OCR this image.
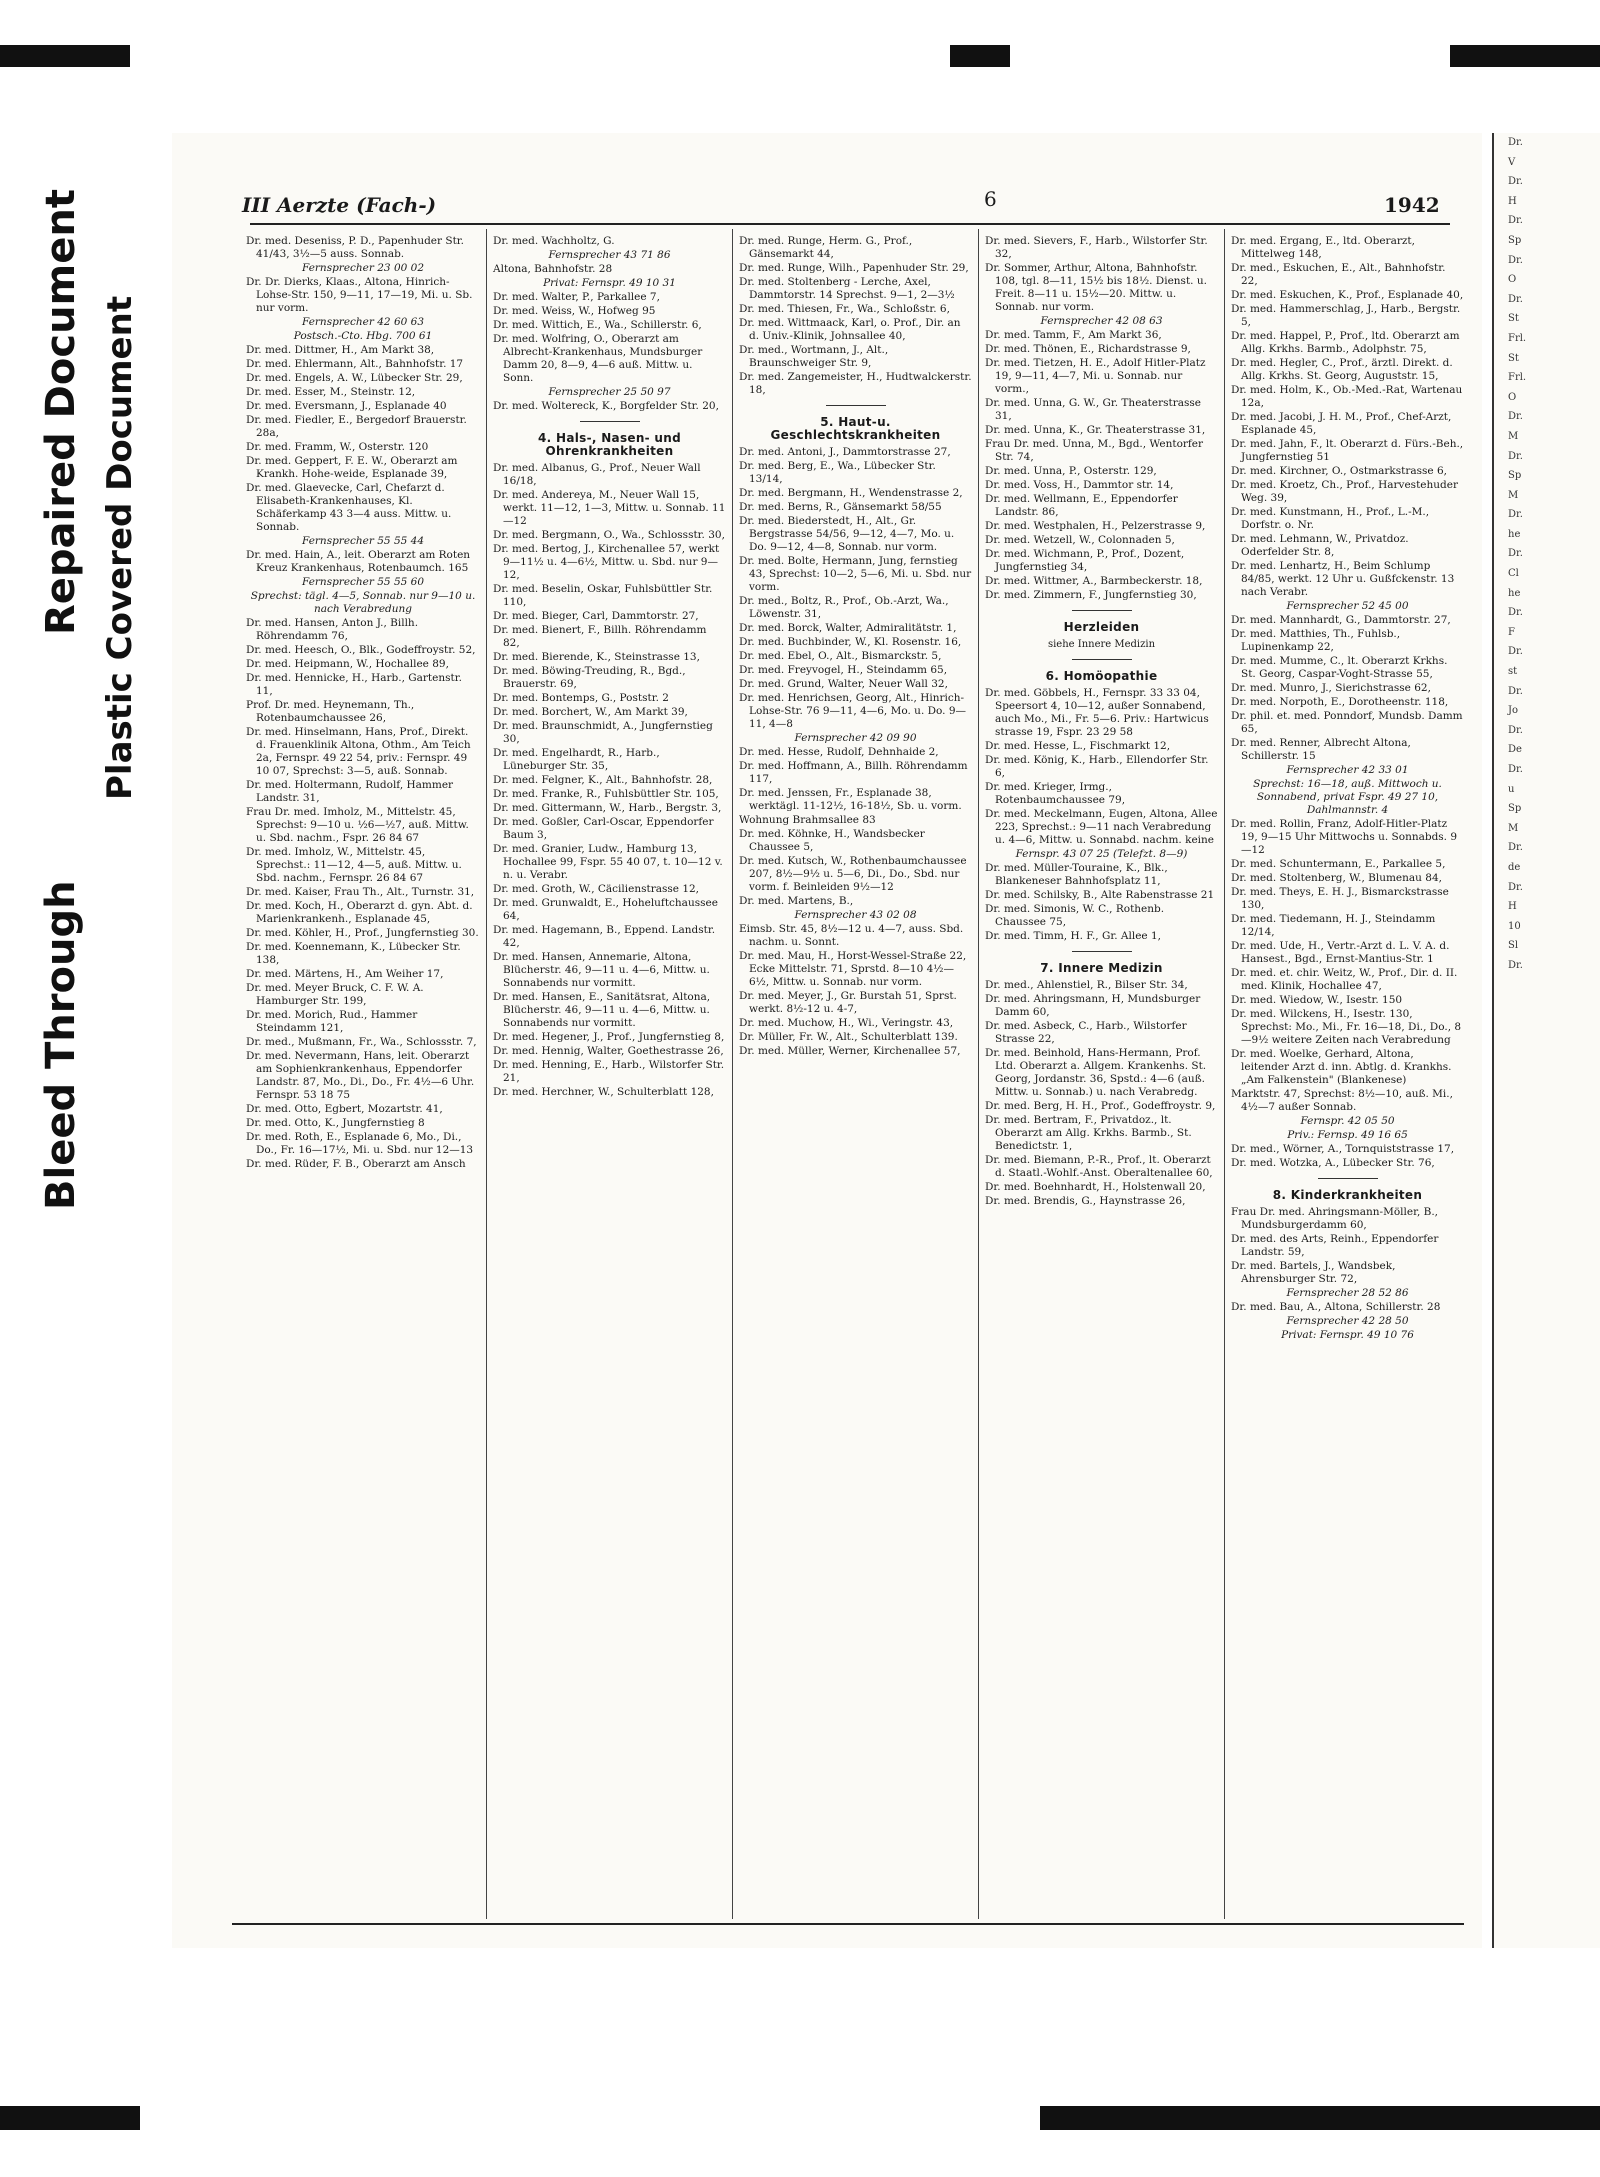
Bleed Through
Repaired Document Plastic Covered Document
III Aerzte (Fach-)	6	1942
Dr. med. Deseniss, P. D., Papenhuder Str. 41/43, 3½—5 auss. Sonnab.
Fernsprecher 23 00 02
Dr. Dr. Dierks, Klaas., Altona, Hinrich-Lohse-Str. 150, 9—11, 17—19, Mi. u. Sb. nur vorm.
Fernsprecher 42 60 63
Postsch.-Cto. Hbg. 700 61
Dr. med. Dittmer, H., Am Markt 38,
Dr. med. Ehlermann, Alt., Bahnhofstr. 17
Dr. med. Engels, A. W., Lübecker Str. 29,
Dr. med. Esser, M., Steinstr. 12,
Dr. med. Eversmann, J., Esplanade 40
Dr. med. Fiedler, E., Bergedorf Brauerstr. 28a,
Dr. med. Framm, W., Osterstr. 120
Dr. med. Geppert, F. E. W., Oberarzt am Krankh. Hohe-weide, Esplanade 39,
Dr. med. Glaevecke, Carl, Chefarzt d. Elisabeth-Krankenhauses, Kl. Schäferkamp 43 3—4 auss. Mittw. u. Sonnab.
Fernsprecher 55 55 44
Dr. med. Hain, A., leit. Oberarzt am Roten Kreuz Krankenhaus, Rotenbaumch. 165
Fernsprecher 55 55 60
Sprechst: tägl. 4—5, Sonnab. nur 9—10 u. nach Verabredung
Dr. med. Hansen, Anton J., Billh. Röhrendamm 76,
Dr. med. Heesch, O., Blk., Godeffroystr. 52,
Dr. med. Heipmann, W., Hochallee 89,
Dr. med. Hennicke, H., Harb., Gartenstr. 11,
Prof. Dr. med. Heynemann, Th., Rotenbaumchaussee 26,
Dr. med. Hinselmann, Hans, Prof., Direkt. d. Frauenklinik Altona, Othm., Am Teich 2a, Fernspr. 49 22 54, priv.: Fernspr. 49 10 07, Sprechst: 3—5, auß. Sonnab.
Dr. med. Holtermann, Rudolf, Hammer Landstr. 31,
Frau Dr. med. Imholz, M., Mittelstr. 45, Sprechst: 9—10 u. ½6—½7, auß. Mittw. u. Sbd. nachm., Fspr. 26 84 67
Dr. med. Imholz, W., Mittelstr. 45, Sprechst.: 11—12, 4—5, auß. Mittw. u. Sbd. nachm., Fernspr. 26 84 67
Dr. med. Kaiser, Frau Th., Alt., Turnstr. 31,
Dr. med. Koch, H., Oberarzt d. gyn. Abt. d. Marienkrankenh., Esplanade 45,
Dr. med. Köhler, H., Prof., Jungfernstieg 30.
Dr. med. Koennemann, K., Lübecker Str. 138,
Dr. med. Märtens, H., Am Weiher 17,
Dr. med. Meyer Bruck, C. F. W. A. Hamburger Str. 199,
Dr. med. Morich, Rud., Hammer Steindamm 121,
Dr. med., Mußmann, Fr., Wa., Schlossstr. 7,
Dr. med. Nevermann, Hans, leit. Oberarzt am Sophienkrankenhaus, Eppendorfer Landstr. 87, Mo., Di., Do., Fr. 4½—6 Uhr. Fernspr. 53 18 75
Dr. med. Otto, Egbert, Mozartstr. 41,
Dr. med. Otto, K., Jungfernstieg 8
Dr. med. Roth, E., Esplanade 6, Mo., Di., Do., Fr. 16—17½, Mi. u. Sbd. nur 12—13
Dr. med. Rüder, F. B., Oberarzt am Ansch
Dr. med. Wachholtz, G.
Fernsprecher 43 71 86
Altona, Bahnhofstr. 28
Privat: Fernspr. 49 10 31
Dr. med. Walter, P., Parkallee 7,
Dr. med. Weiss, W., Hofweg 95
Dr. med. Wittich, E., Wa., Schillerstr. 6,
Dr. med. Wolfring, O., Oberarzt am Albrecht-Krankenhaus, Mundsburger Damm 20, 8—9, 4—6 auß. Mittw. u. Sonn.
Fernsprecher 25 50 97
Dr. med. Woltereck, K., Borgfelder Str. 20,
4. Hals-, Nasen- und Ohrenkrankheiten
Dr. med. Albanus, G., Prof., Neuer Wall 16/18,
Dr. med. Andereya, M., Neuer Wall 15, werkt. 11—12, 1—3, Mittw. u. Sonnab. 11—12
Dr. med. Bergmann, O., Wa., Schlossstr. 30,
Dr. med. Bertog, J., Kirchenallee 57, werkt 9—11½ u. 4—6½, Mittw. u. Sbd. nur 9—12,
Dr. med. Beselin, Oskar, Fuhlsbüttler Str. 110,
Dr. med. Bieger, Carl, Dammtorstr. 27,
Dr. med. Bienert, F., Billh. Röhrendamm 82,
Dr. med. Bierende, K., Steinstrasse 13,
Dr. med. Böwing-Treuding, R., Bgd., Brauerstr. 69,
Dr. med. Bontemps, G., Poststr. 2
Dr. med. Borchert, W., Am Markt 39,
Dr. med. Braunschmidt, A., Jungfernstieg 30,
Dr. med. Engelhardt, R., Harb., Lüneburger Str. 35,
Dr. med. Felgner, K., Alt., Bahnhofstr. 28,
Dr. med. Franke, R., Fuhlsbüttler Str. 105,
Dr. med. Gittermann, W., Harb., Bergstr. 3,
Dr. med. Goßler, Carl-Oscar, Eppendorfer Baum 3,
Dr. med. Granier, Ludw., Hamburg 13, Hochallee 99, Fspr. 55 40 07, t. 10—12 v. n. u. Verabr.
Dr. med. Groth, W., Cäcilienstrasse 12,
Dr. med. Grunwaldt, E., Hoheluftchaussee 64,
Dr. med. Hagemann, B., Eppend. Landstr. 42,
Dr. med. Hansen, Annemarie, Altona, Blücherstr. 46, 9—11 u. 4—6, Mittw. u. Sonnabends nur vormitt.
Dr. med. Hansen, E., Sanitätsrat, Altona, Blücherstr. 46, 9—11 u. 4—6, Mittw. u. Sonnabends nur vormitt.
Dr. med. Hegener, J., Prof., Jungfernstieg 8,
Dr. med. Hennig, Walter, Goethestrasse 26,
Dr. med. Henning, E., Harb., Wilstorfer Str. 21,
Dr. med. Herchner, W., Schulterblatt 128,
Dr. med. Runge, Herm. G., Prof., Gänsemarkt 44,
Dr. med. Runge, Wilh., Papenhuder Str. 29,
Dr. med. Stoltenberg - Lerche, Axel, Dammtorstr. 14 Sprechst. 9—1, 2—3½
Dr. med. Thiesen, Fr., Wa., Schloßstr. 6,
Dr. med. Wittmaack, Karl, o. Prof., Dir. an d. Univ.-Klinik, Johnsallee 40,
Dr. med., Wortmann, J., Alt., Braunschweiger Str. 9,
Dr. med. Zangemeister, H., Hudtwalckerstr. 18,
5. Haut-u. Geschlechtskrankheiten
Dr. med. Antoni, J., Dammtorstrasse 27,
Dr. med. Berg, E., Wa., Lübecker Str. 13/14,
Dr. med. Bergmann, H., Wendenstrasse 2,
Dr. med. Berns, R., Gänsemarkt 58/55
Dr. med. Biederstedt, H., Alt., Gr. Bergstrasse 54/56, 9—12, 4—7, Mo. u. Do. 9—12, 4—8, Sonnab. nur vorm.
Dr. med. Bolte, Hermann, Jung, fernstieg 43, Sprechst: 10—2, 5—6, Mi. u. Sbd. nur vorm.
Dr. med., Boltz, R., Prof., Ob.-Arzt, Wa., Löwenstr. 31,
Dr. med. Borck, Walter, Admiralitätstr. 1,
Dr. med. Buchbinder, W., Kl. Rosenstr. 16,
Dr. med. Ebel, O., Alt., Bismarckstr. 5,
Dr. med. Freyvogel, H., Steindamm 65,
Dr. med. Grund, Walter, Neuer Wall 32,
Dr. med. Henrichsen, Georg, Alt., Hinrich-Lohse-Str. 76 9—11, 4—6, Mo. u. Do. 9—11, 4—8
Fernsprecher 42 09 90
Dr. med. Hesse, Rudolf, Dehnhaide 2,
Dr. med. Hoffmann, A., Billh. Röhrendamm 117,
Dr. med. Jenssen, Fr., Esplanade 38, werktägl. 11-12½, 16-18½, Sb. u. vorm.
Wohnung Brahmsallee 83
Dr. med. Köhnke, H., Wandsbecker Chaussee 5,
Dr. med. Kutsch, W., Rothenbaumchaussee 207, 8½—9½ u. 5—6, Di., Do., Sbd. nur vorm. f. Beinleiden 9½—12
Dr. med. Martens, B.,
Fernsprecher 43 02 08
Eimsb. Str. 45, 8½—12 u. 4—7, auss. Sbd. nachm. u. Sonnt.
Dr. med. Mau, H., Horst-Wessel-Straße 22, Ecke Mittelstr. 71, Sprstd. 8—10 4½—6½, Mittw. u. Sonnab. nur vorm.
Dr. med. Meyer, J., Gr. Burstah 51, Sprst. werkt. 8½-12 u. 4-7,
Dr. med. Muchow, H., Wi., Veringstr. 43,
Dr. Müller, Fr. W., Alt., Schulterblatt 139.
Dr. med. Müller, Werner, Kirchenallee 57,
Dr. med. Sievers, F., Harb., Wilstorfer Str. 32,
Dr. Sommer, Arthur, Altona, Bahnhofstr. 108, tgl. 8—11, 15½ bis 18½. Dienst. u. Freit. 8—11 u. 15½—20. Mittw. u. Sonnab. nur vorm.
Fernsprecher 42 08 63
Dr. med. Tamm, F., Am Markt 36,
Dr. med. Thönen, E., Richardstrasse 9,
Dr. med. Tietzen, H. E., Adolf Hitler-Platz 19, 9—11, 4—7, Mi. u. Sonnab. nur vorm.,
Dr. med. Unna, G. W., Gr. Theaterstrasse 31,
Dr. med. Unna, K., Gr. Theaterstrasse 31,
Frau Dr. med. Unna, M., Bgd., Wentorfer Str. 74,
Dr. med. Unna, P., Osterstr. 129,
Dr. med. Voss, H., Dammtor str. 14,
Dr. med. Wellmann, E., Eppendorfer Landstr. 86,
Dr. med. Westphalen, H., Pelzerstrasse 9,
Dr. med. Wetzell, W., Colonnaden 5,
Dr. med. Wichmann, P., Prof., Dozent, Jungfernstieg 34,
Dr. med. Wittmer, A., Barmbeckerstr. 18,
Dr. med. Zimmern, F., Jungfernstieg 30,
Herzleiden
siehe Innere Medizin
6. Homöopathie
Dr. med. Göbbels, H., Fernspr. 33 33 04, Speersort 4, 10—12, außer Sonnabend, auch Mo., Mi., Fr. 5—6. Priv.: Hartwicus strasse 19, Fspr. 23 29 58
Dr. med. Hesse, L., Fischmarkt 12,
Dr. med. König, K., Harb., Ellendorfer Str. 6,
Dr. med. Krieger, Irmg., Rotenbaumchaussee 79,
Dr. med. Meckelmann, Eugen, Altona, Allee 223, Sprechst.: 9—11 nach Verabredung u. 4—6, Mittw. u. Sonnabd. nachm. keine
Fernspr. 43 07 25 (Telefzt. 8—9)
Dr. med. Müller-Touraine, K., Blk., Blankeneser Bahnhofsplatz 11,
Dr. med. Schilsky, B., Alte Rabenstrasse 21
Dr. med. Simonis, W. C., Rothenb. Chaussee 75,
Dr. med. Timm, H. F., Gr. Allee 1,
7. Innere Medizin
Dr. med., Ahlenstiel, R., Bilser Str. 34,
Dr. med. Ahringsmann, H, Mundsburger Damm 60,
Dr. med. Asbeck, C., Harb., Wilstorfer Strasse 22,
Dr. med. Beinhold, Hans-Hermann, Prof. Ltd. Oberarzt a. Allgem. Krankenhs. St. Georg, Jordanstr. 36, Spstd.: 4—6 (auß. Mittw. u. Sonnab.) u. nach Verabredg.
Dr. med. Berg, H. H., Prof., Godeffroystr. 9,
Dr. med. Bertram, F., Privatdoz., lt. Oberarzt am Allg. Krkhs. Barmb., St. Benedictstr. 1,
Dr. med. Biemann, P.-R., Prof., lt. Oberarzt d. Staatl.-Wohlf.-Anst. Oberaltenallee 60,
Dr. med. Boehnhardt, H., Holstenwall 20,
Dr. med. Brendis, G., Haynstrasse 26,
Dr. med. Ergang, E., ltd. Oberarzt, Mittelweg 148,
Dr. med., Eskuchen, E., Alt., Bahnhofstr. 22,
Dr. med. Eskuchen, K., Prof., Esplanade 40,
Dr. med. Hammerschlag, J., Harb., Bergstr. 5,
Dr. med. Happel, P., Prof., ltd. Oberarzt am Allg. Krkhs. Barmb., Adolphstr. 75,
Dr. med. Hegler, C., Prof., ärztl. Direkt. d. Allg. Krkhs. St. Georg, Auguststr. 15,
Dr. med. Holm, K., Ob.-Med.-Rat, Wartenau 12a,
Dr. med. Jacobi, J. H. M., Prof., Chef-Arzt, Esplanade 45,
Dr. med. Jahn, F., lt. Oberarzt d. Fürs.-Beh., Jungfernstieg 51
Dr. med. Kirchner, O., Ostmarkstrasse 6,
Dr. med. Kroetz, Ch., Prof., Harvestehuder Weg. 39,
Dr. med. Kunstmann, H., Prof., L.-M., Dorfstr. o. Nr.
Dr. med. Lehmann, W., Privatdoz. Oderfelder Str. 8,
Dr. med. Lenhartz, H., Beim Schlump 84/85, werkt. 12 Uhr u. Gußfckenstr. 13 nach Verabr.
Fernsprecher 52 45 00
Dr. med. Mannhardt, G., Dammtorstr. 27,
Dr. med. Matthies, Th., Fuhlsb., Lupinenkamp 22,
Dr. med. Mumme, C., lt. Oberarzt Krkhs. St. Georg, Caspar-Voght-Strasse 55,
Dr. med. Munro, J., Sierichstrasse 62,
Dr. med. Norpoth, E., Dorotheenstr. 118,
Dr. phil. et. med. Ponndorf, Mundsb. Damm 65,
Dr. med. Renner, Albrecht Altona, Schillerstr. 15
Fernsprecher 42 33 01
Sprechst: 16—18, auß. Mittwoch u. Sonnabend, privat Fspr. 49 27 10, Dahlmannstr. 4
Dr. med. Rollin, Franz, Adolf-Hitler-Platz 19, 9—15 Uhr Mittwochs u. Sonnabds. 9—12
Dr. med. Schuntermann, E., Parkallee 5,
Dr. med. Stoltenberg, W., Blumenau 84,
Dr. med. Theys, E. H. J., Bismarckstrasse 130,
Dr. med. Tiedemann, H. J., Steindamm 12/14,
Dr. med. Ude, H., Vertr.-Arzt d. L. V. A. d. Hansest., Bgd., Ernst-Mantius-Str. 1
Dr. med. et. chir. Weitz, W., Prof., Dir. d. II. med. Klinik, Hochallee 47,
Dr. med. Wiedow, W., Isestr. 150
Dr. med. Wilckens, H., Isestr. 130, Sprechst: Mo., Mi., Fr. 16—18, Di., Do., 8—9½ weitere Zeiten nach Verabredung
Dr. med. Woelke, Gerhard, Altona, leitender Arzt d. inn. Abtlg. d. Krankhs. „Am Falkenstein" (Blankenese)
Marktstr. 47, Sprechst: 8½—10, auß. Mi., 4½—7 außer Sonnab.
Fernspr. 42 05 50
Priv.: Fernsp. 49 16 65
Dr. med., Wörner, A., Tornquiststrasse 17,
Dr. med. Wotzka, A., Lübecker Str. 76,
8. Kinderkrankheiten
Frau Dr. med. Ahringsmann-Möller, B., Mundsburgerdamm 60,
Dr. med. des Arts, Reinh., Eppendorfer Landstr. 59,
Dr. med. Bartels, J., Wandsbek, Ahrensburger Str. 72,
Fernsprecher 28 52 86
Dr. med. Bau, A., Altona, Schillerstr. 28
Fernsprecher 42 28 50
Privat: Fernspr. 49 10 76
Dr.
V
Dr.
H
Dr.
Sp
Dr.
O
Dr.
St
Frl.
St
Frl.
O
Dr.
M
Dr.
Sp
M
Dr.
he
Dr.
Cl
he
Dr.
F
Dr.
st
Dr.
Jo
Dr.
De
Dr.
u
Sp
M
Dr.
de
Dr.
H
10
Sl
Dr.
